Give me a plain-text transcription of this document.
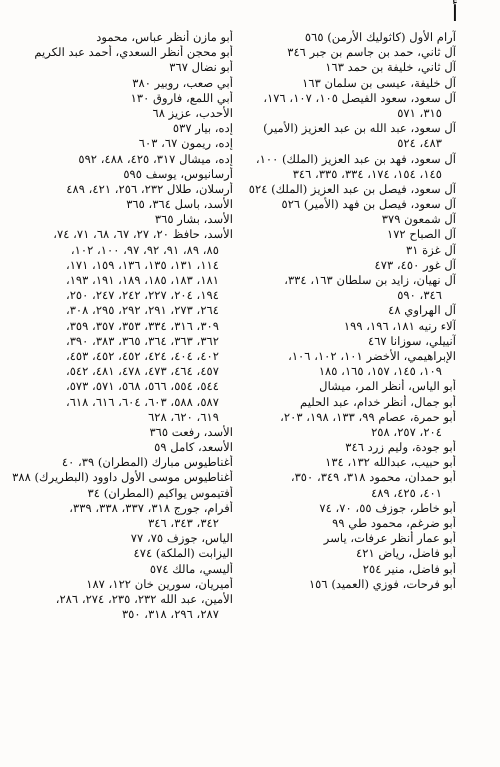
أ
آرام الأول (كاثوليك الأرمن) ٥٦٥
آل ثاني، حمد بن جاسم بن جبر ٣٤٦
آل ثاني، خليفة بن حمد ١٦٣
آل خليفة، عيسى بن سلمان ١٦٣
آل سعود، سعود الفيصل ١٠٥، ١٠٧، ١٧٦،
٣١٥، ٥٧١
آل سعود، عبد الله بن عبد العزيز (الأمير)
٤٨٣، ٥٢٤
آل سعود، فهد بن عبد العزيز (الملك) ١٠٠،
١٤٥، ١٥٤، ١٧٤، ٣٣٤، ٣٣٥، ٣٤٦
آل سعود، فيصل بن عبد العزيز (الملك) ٥٢٤
آل سعود، فيصل بن فهد (الأمير) ٥٢٦
آل شمعون ٣٧٩
آل الصباح ١٧٢
آل غزة ٣١
آل غور ٤٥٠، ٤٧٣
آل نهيان، زايد بن سلطان ١٦٣، ٣٣٤،
٣٤٦، ٥٩٠
آل الهراوي ٤٨
آلاء رنيه ١٨١، ١٩٦، ١٩٩
آنييلي، سوزانا ٤٦٧
الإبراهيمي، الأخضر ١٠١، ١٠٢، ١٠٦،
١٠٩، ١٤٥، ١٥٧، ١٦٥، ١٨٥
أبو الياس، أنظر المر، ميشال
أبو جمال، أنظر خدام، عبد الحليم
أبو حمرة، عصام ٩٩، ١٣٣، ١٩٨، ٢٠٣،
٢٠٤، ٢٥٧، ٢٥٨
أبو جودة، وليم زرد ٣٤٦
أبو حبيب، عبدالله ١٣٢، ١٣٤
أبو حمدان، محمود ٣١٨، ٣٤٩، ٣٥٠،
٤٠١، ٤٢٥، ٤٨٩
أبو خاطر، جوزف ٥٥، ٧٠، ٧٤
أبو ضرغم، محمود طي ٩٩
أبو عمار أنظر عرفات، ياسر
أبو فاضل، رياض ٤٢١
أبو فاضل، منير ٢٥٤
أبو فرحات، فوزي (العميد) ١٥٦
أبو مازن أنظر عباس، محمود
أبو محجن أنظر السعدي، أحمد عبد الكريم
أبو نضال ٣٦٧
أبي صعب، روبير ٣٨٠
أبي اللمع، فاروق ١٣٠
الأحدب، عزيز ٦٨
إده، بيار ٥٣٧
إده، ريمون ٦٧، ٦٠٣
إده، ميشال ٣١٧، ٤٢٥، ٤٨٨، ٥٩٢
أرسانيوس، يوسف ٥٩٥
أرسلان، طلال ٢٣٢، ٢٥٦، ٤٢١، ٤٨٩
الأسد، باسل ٣٦٤، ٣٦٥
الأسد، بشار ٣٦٥
الأسد، حافظ ٢٠، ٢٧، ٦٧، ٦٨، ٧١، ٧٤،
٨٥، ٨٩، ٩١، ٩٢، ٩٧، ١٠٠، ١٠٢،
١١٤، ١٣١، ١٣٥، ١٣٦، ١٥٩، ١٧١،
١٨١، ١٨٣، ١٨٥، ١٨٩، ١٩١، ١٩٣،
١٩٤، ٢٠٤، ٢٢٧، ٢٤٢، ٢٤٧، ٢٥٠،
٢٦٤، ٢٧٣، ٢٩١، ٢٩٢، ٢٩٥، ٣٠٨،
٣٠٩، ٣١٦، ٣٣٤، ٣٥٣، ٣٥٧، ٣٥٩،
٣٦٢، ٣٦٣، ٣٦٤، ٣٦٥، ٣٨٣، ٣٩٠،
٤٠٢، ٤٠٤، ٤٢٤، ٤٥٢، ٤٥٢، ٤٥٣،
٤٥٧، ٤٦٤، ٤٧٣، ٤٧٨، ٤٨١، ٥٤٢،
٥٤٤، ٥٥٤، ٥٦٦، ٥٦٨، ٥٧١، ٥٧٣،
٥٨٧، ٥٨٨، ٦٠٣، ٦٠٤، ٦١٦، ٦١٨،
٦١٩، ٦٢٠، ٦٢٨
الأسد، رفعت ٣٦٥
الأسعد، كامل ٥٩
أغناطيوس مبارك (المطران) ٣٩، ٤٠
أغناطيوس موسى الأول داوود (البطريرك) ٣٨٨
أفتيموس يواكيم (المطران) ٣٤
أفرام، جورج ٣١٨، ٣٣٧، ٣٣٨، ٣٣٩،
٣٤٢، ٣٤٣، ٣٤٦
الياس، جوزف ٧٥، ٧٧
اليزابت (الملكة) ٤٧٤
أليسي، مالك ٥٧٤
أميريان، سورين خان ١٢٢، ١٨٧
الأمين، عبد الله ٢٣٢، ٢٣٥، ٢٧٤، ٢٨٦،
٢٨٧، ٢٩٦، ٣١٨، ٣٥٠
